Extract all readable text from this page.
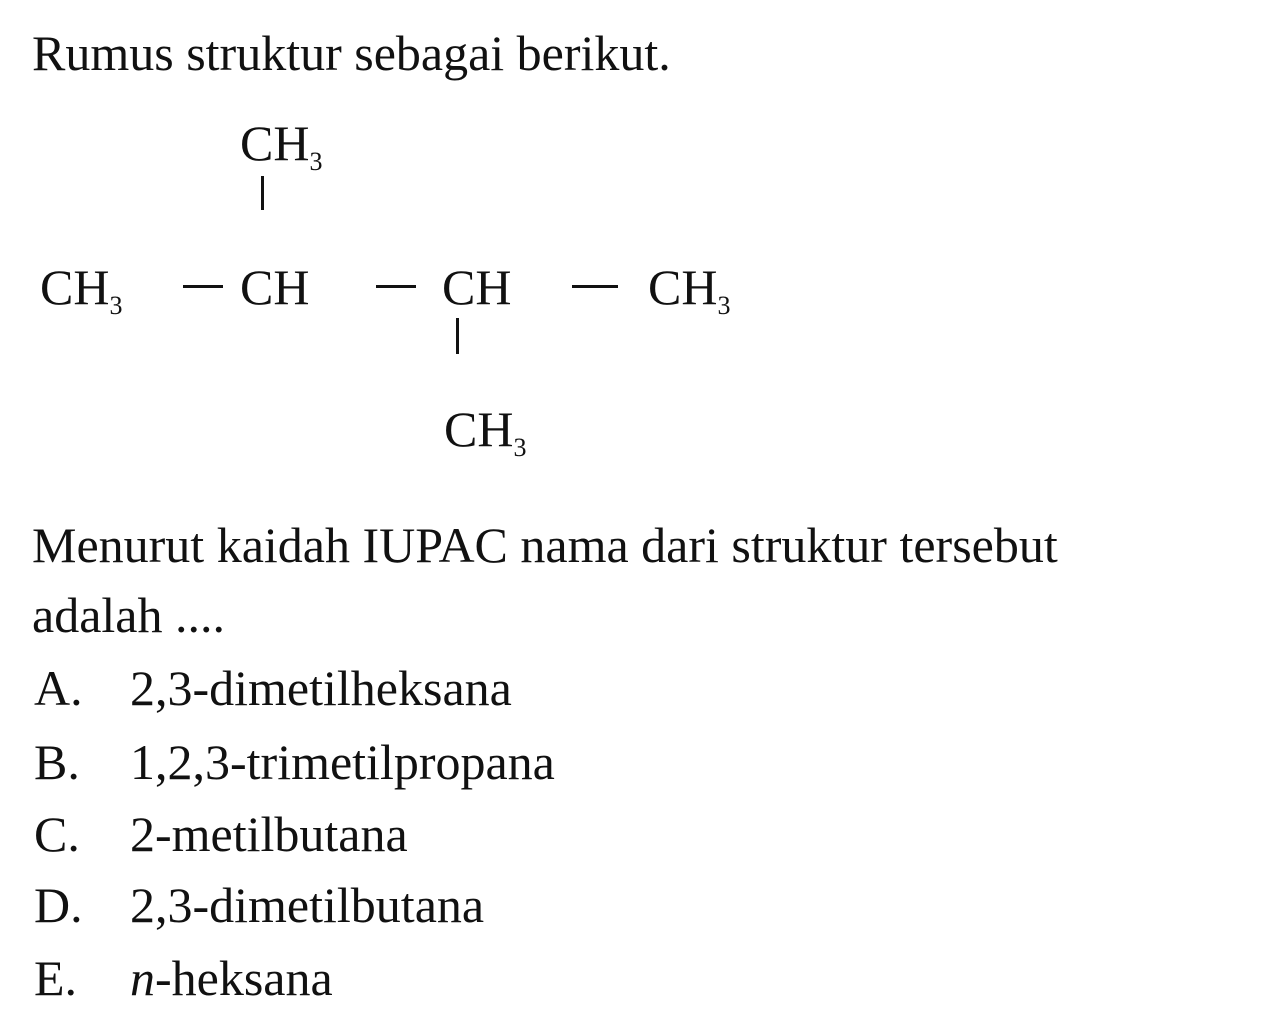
Rumus struktur sebagai berikut.
$CH_3$
$CH_3$ CH	CH	$CH_3$
$CH_3$
Menurut kaidah IUPAC nama dari struktur tersebut
adalah ....
A. 2,3-dimetilheksana
B. 1,2,3-trimetilpropana
C. 2-metilbutana
D. 2,3-dimetilbutana
E. n-heksana
